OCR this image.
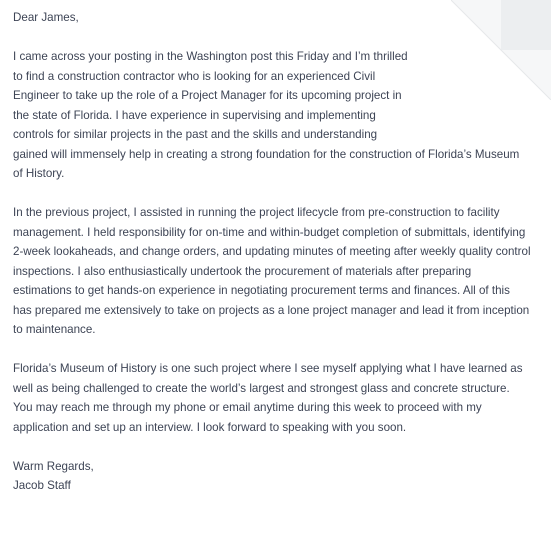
Dear James,

I came across your posting in the Washington post this Friday and I’m thrilled
to find a construction contractor who is looking for an experienced Civil
Engineer to take up the role of a Project Manager for its upcoming project in
the state of Florida. I have experience in supervising and implementing
controls for similar projects in the past and the skills and understanding
gained will immensely help in creating a strong foundation for the construction of Florida’s Museum
of History.

In the previous project, I assisted in running the project lifecycle from pre-construction to facility
management. I held responsibility for on-time and within-budget completion of submittals, identifying
2-week lookaheads, and change orders, and updating minutes of meeting after weekly quality control
inspections. I also enthusiastically undertook the procurement of materials after preparing
estimations to get hands-on experience in negotiating procurement terms and finances. All of this
has prepared me extensively to take on projects as a lone project manager and lead it from inception
to maintenance.

Florida’s Museum of History is one such project where I see myself applying what I have learned as
well as being challenged to create the world’s largest and strongest glass and concrete structure.
You may reach me through my phone or email anytime during this week to proceed with my
application and set up an interview. I look forward to speaking with you soon.

Warm Regards,
Jacob Staff
